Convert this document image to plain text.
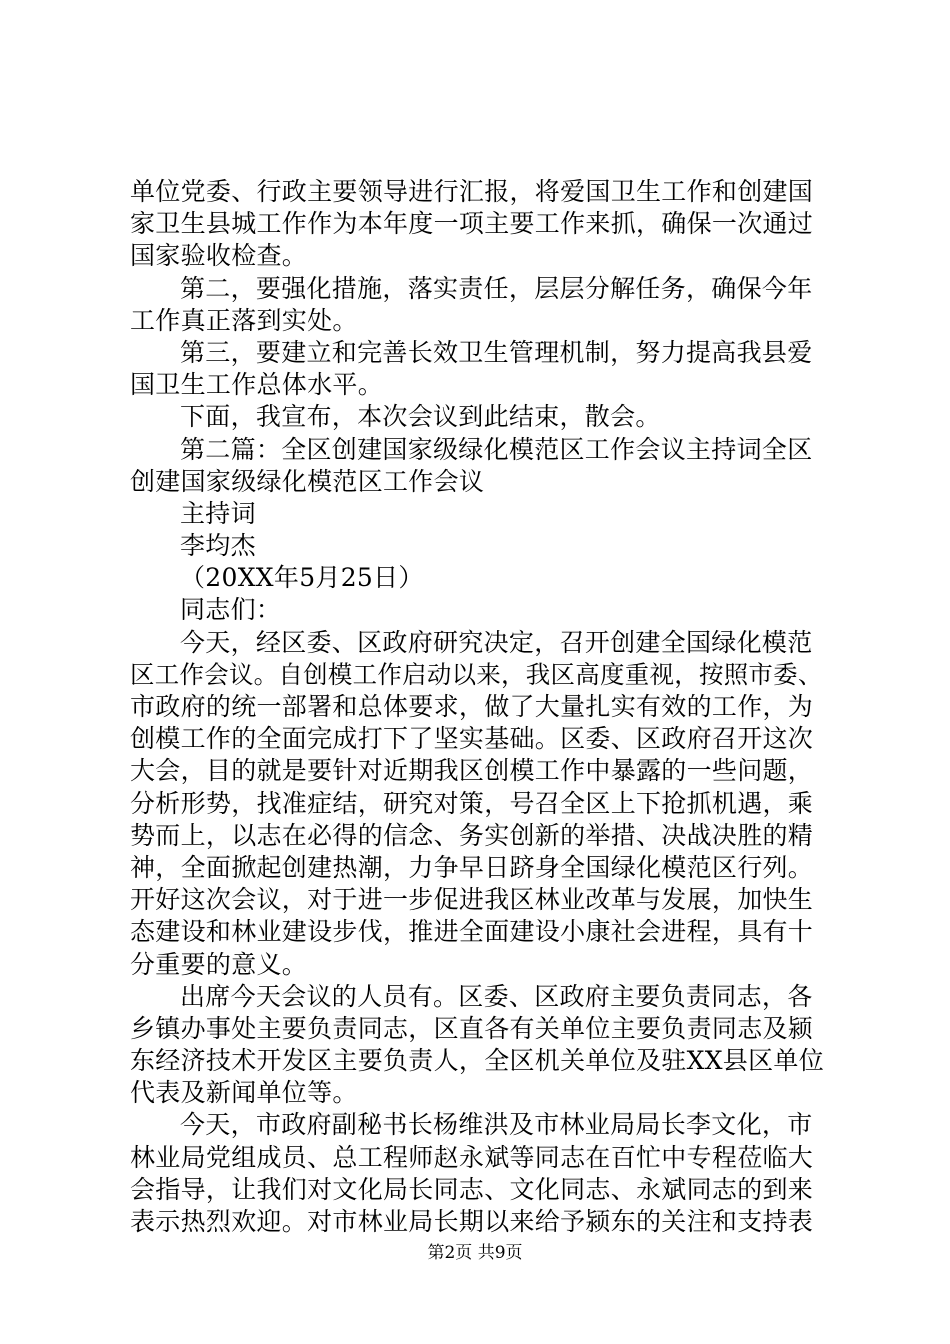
单位党委、行政主要领导进行汇报，将爱国卫生工作和创建国
家卫生县城工作作为本年度一项主要工作来抓，确保一次通过
国家验收检查。
第二，要强化措施，落实责任，层层分解任务，确保今年
工作真正落到实处。
第三，要建立和完善长效卫生管理机制，努力提高我县爱
国卫生工作总体水平。
下面，我宣布，本次会议到此结束，散会。
第二篇：全区创建国家级绿化模范区工作会议主持词全区
创建国家级绿化模范区工作会议
主持词
李均杰
（20XX年5月25日）
同志们：
今天，经区委、区政府研究决定，召开创建全国绿化模范
区工作会议。自创模工作启动以来，我区高度重视，按照市委、
市政府的统一部署和总体要求，做了大量扎实有效的工作，为
创模工作的全面完成打下了坚实基础。区委、区政府召开这次
大会，目的就是要针对近期我区创模工作中暴露的一些问题，
分析形势，找准症结，研究对策，号召全区上下抢抓机遇，乘
势而上，以志在必得的信念、务实创新的举措、决战决胜的精
神，全面掀起创建热潮，力争早日跻身全国绿化模范区行列。
开好这次会议，对于进一步促进我区林业改革与发展，加快生
态建设和林业建设步伐，推进全面建设小康社会进程，具有十
分重要的意义。
出席今天会议的人员有。区委、区政府主要负责同志，各
乡镇办事处主要负责同志，区直各有关单位主要负责同志及颍
东经济技术开发区主要负责人，全区机关单位及驻XX县区单位
代表及新闻单位等。
今天，市政府副秘书长杨维洪及市林业局局长李文化，市
林业局党组成员、总工程师赵永斌等同志在百忙中专程莅临大
会指导，让我们对文化局长同志、文化同志、永斌同志的到来
表示热烈欢迎。对市林业局长期以来给予颍东的关注和支持表
第2页 共9页
